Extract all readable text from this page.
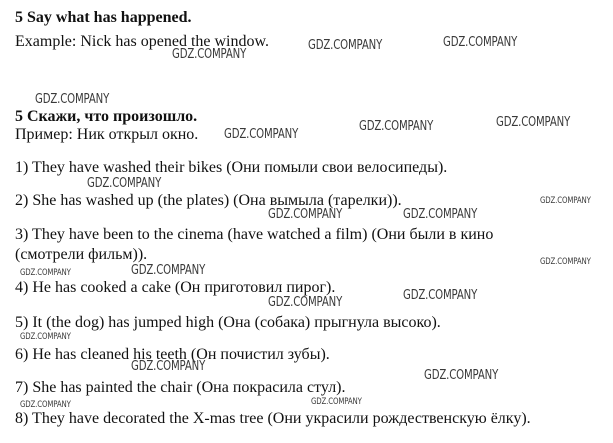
5 Say what has happened.
Example: Nick has opened the window.
5 Скажи, что произошло.
Пример: Ник открыл окно.
1) They have washed their bikes (Они помыли свои велосипеды).
2) She has washed up (the plates) (Она вымыла (тарелки)).
3) They have been to the cinema (have watched a film) (Они были в кино
(смотрели фильм)).
4) He has cooked a cake (Он приготовил пирог).
5) It (the dog) has jumped high (Она (собака) прыгнула высоко).
6) He has cleaned his teeth (Он почистил зубы).
7) She has painted the chair (Она покрасила стул).
8) They have decorated the X-mas tree (Они украсили рождественскую ёлку).
GDZ.COMPANY	GDZ.COMPANY
GDZ.COMPANY
GDZ.COMPANY
GDZ.COMPANY
GDZ.COMPANY	GDZ.COMPANY
GDZ.COMPANY
GDZ.COMPANY
GDZ.COMPANY	GDZ.COMPANY
GDZ.COMPANY
GDZ.COMPANY
GDZ.COMPANY
GDZ.COMPANY	GDZ.COMPANY
GDZ.COMPANY
GDZ.COMPANY
GDZ.COMPANY
GDZ.COMPANY	GDZ.COMPANY
